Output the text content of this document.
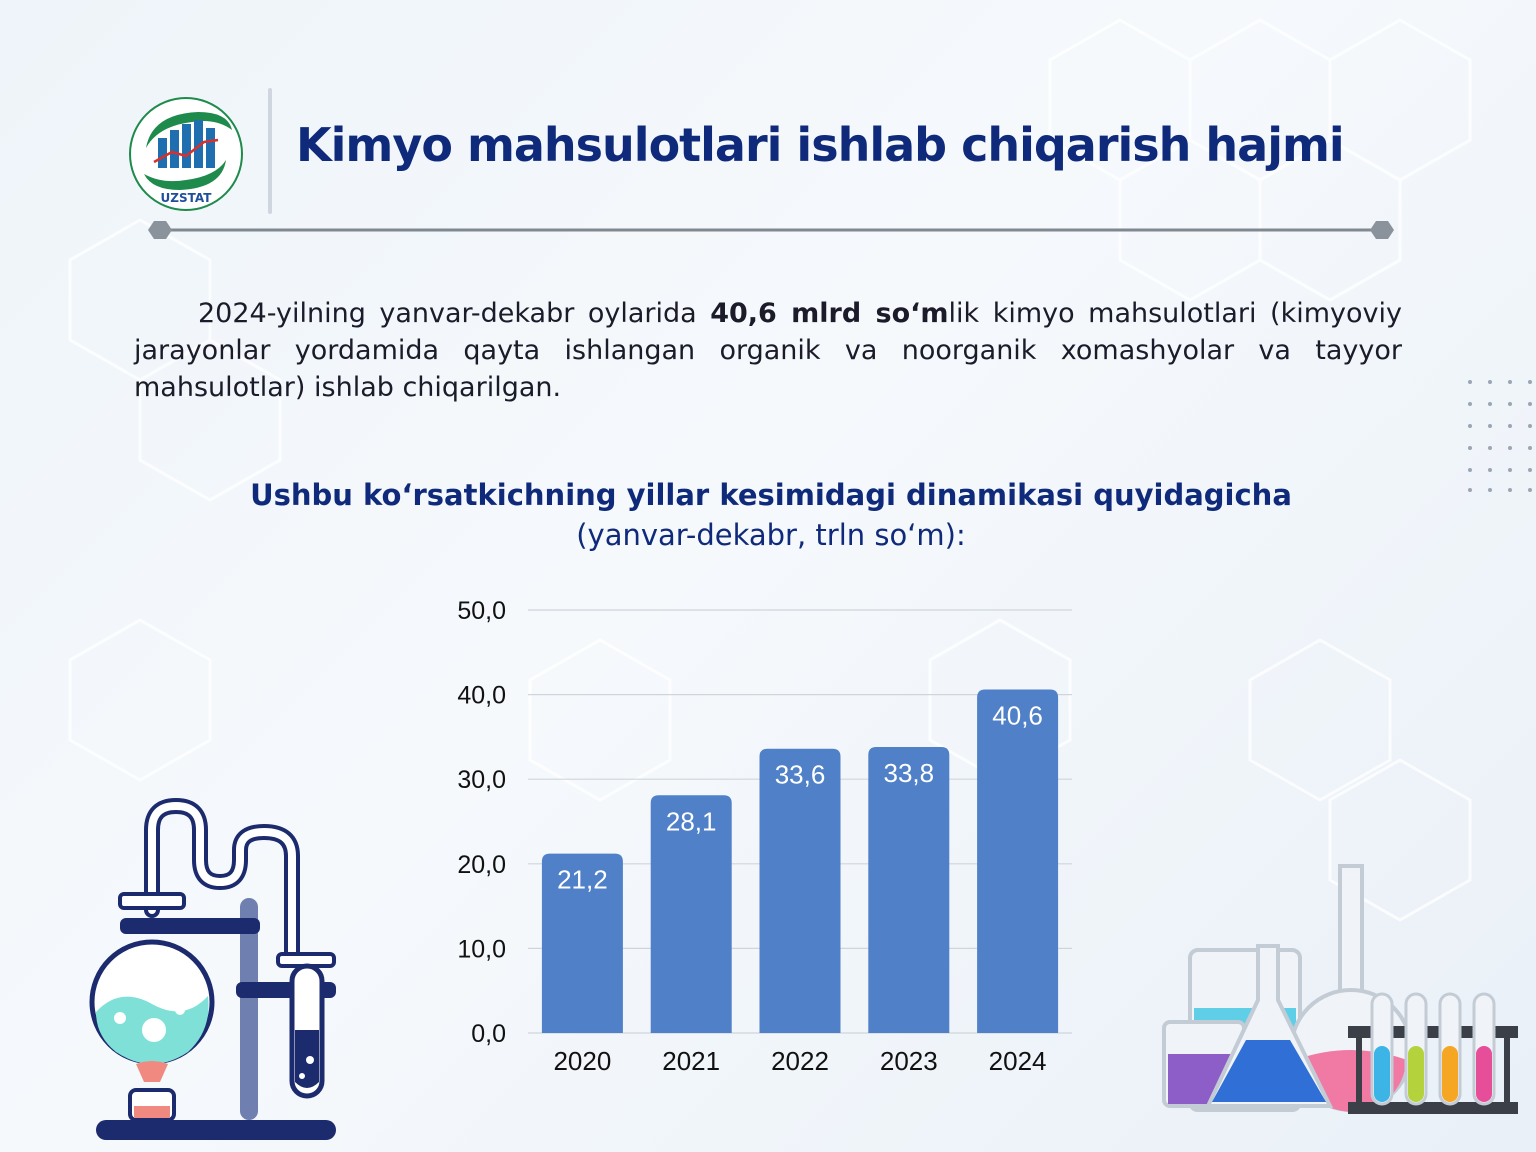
UZSTAT
Kimyo mahsulotlari ishlab chiqarish hajmi

2024-yilning yanvar-dekabr oylarida 40,6 mlrd so‘mlik kimyo mahsulotlari (kimyoviy jarayonlar yordamida qayta ishlangan organik va noorganik xomashyolar va tayyor mahsulotlar) ishlab chiqarilgan.

Ushbu ko‘rsatkichning yillar kesimidagi dinamikasi quyidagicha

(yanvar-dekabr, trln so‘m):

0,0
10,0
20,0
30,0
40,0
50,0
21,2
2020
28,1
2021
33,6
2022
33,8
2023
40,6
2024
